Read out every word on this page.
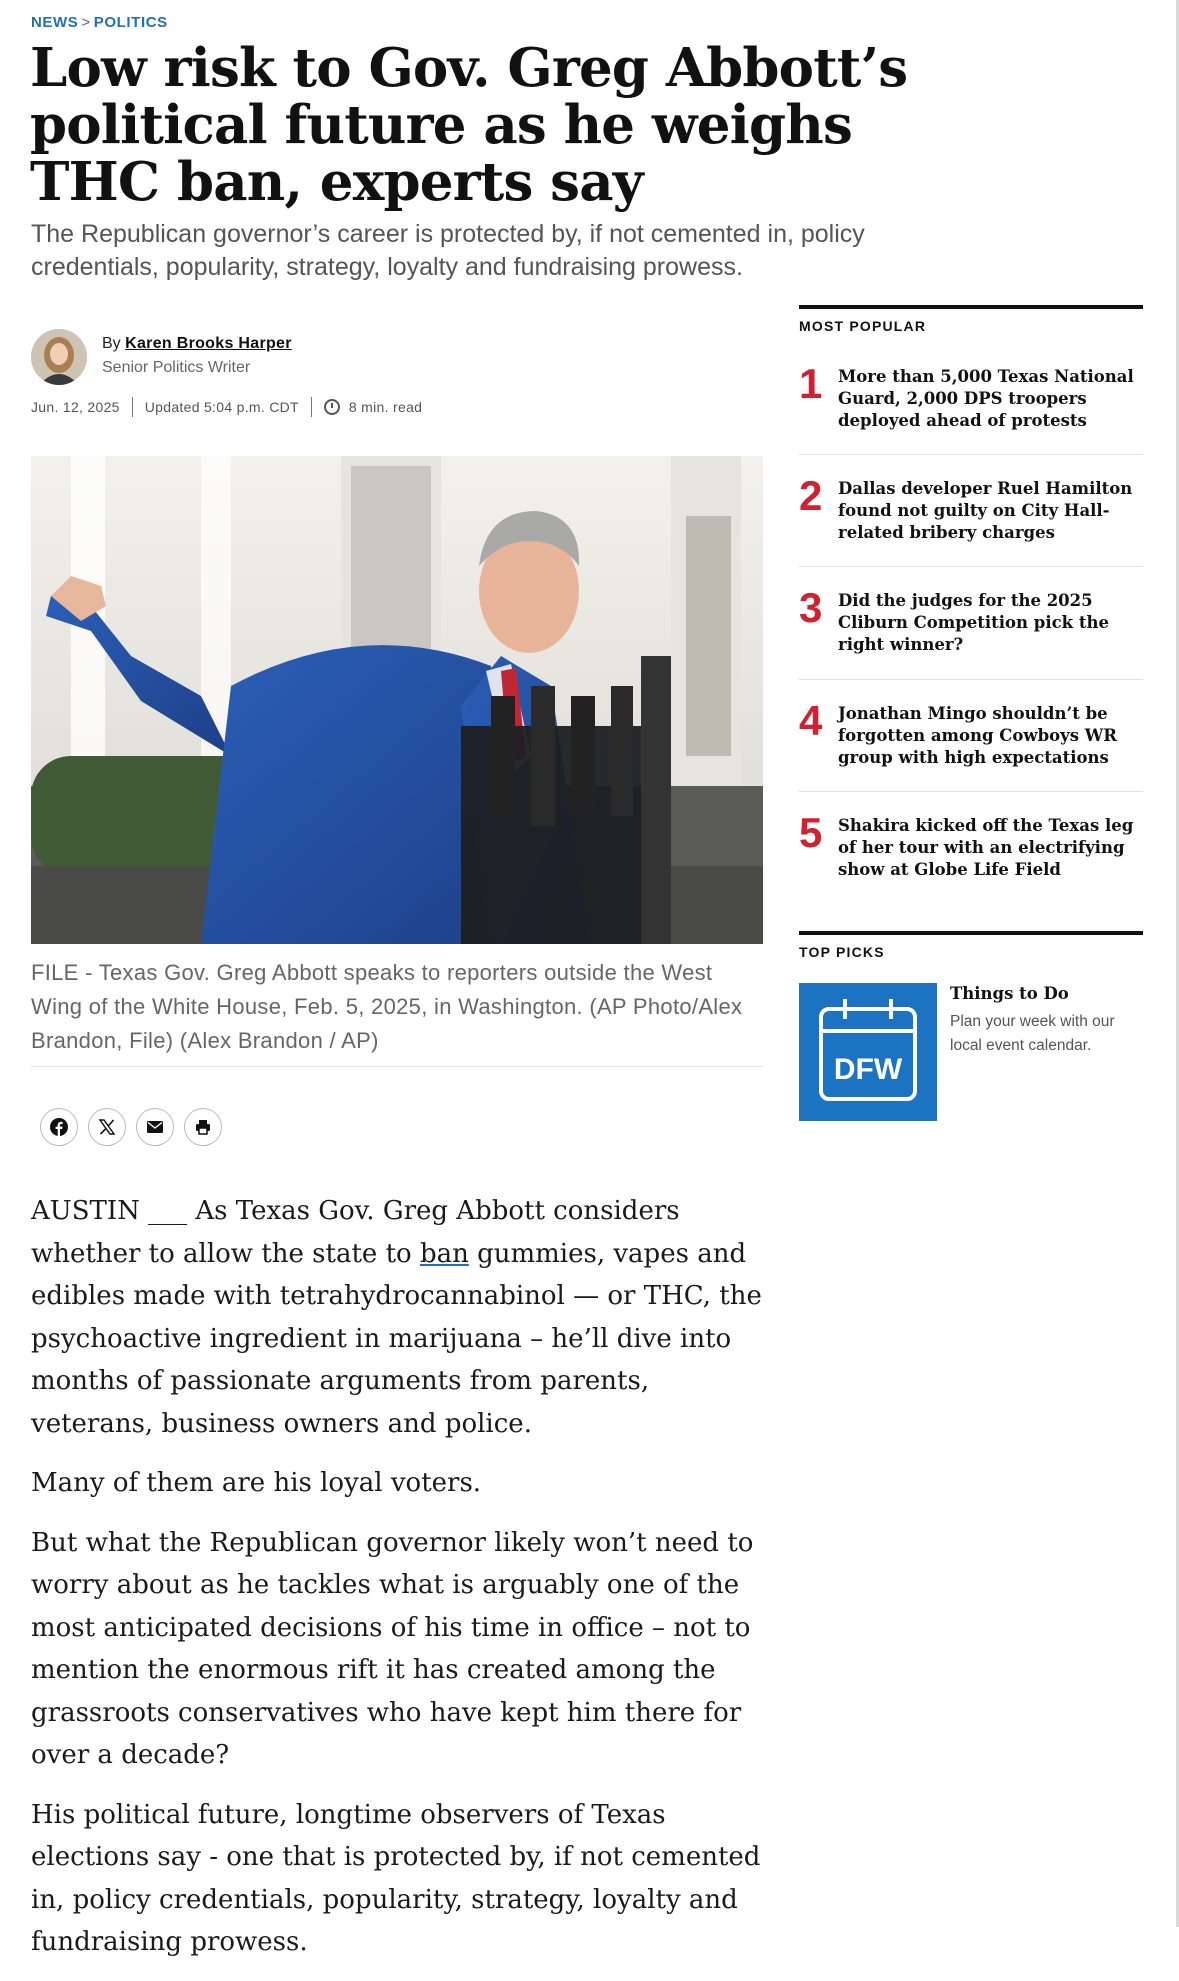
NEWS > POLITICS
Low risk to Gov. Greg Abbott’s political future as he weighs THC ban, experts say
The Republican governor’s career is protected by, if not cemented in, policy credentials, popularity, strategy, loyalty and fundraising prowess.
By Karen Brooks Harper
Senior Politics Writer
Jun. 12, 2025 Updated 5:04 p.m. CDT	8 min. read
FILE - Texas Gov. Greg Abbott speaks to reporters outside the West Wing of the White House, Feb. 5, 2025, in Washington. (AP Photo/Alex Brandon, File) (Alex Brandon / AP)

AUSTIN ___ As Texas Gov. Greg Abbott considers whether to allow the state to ban gummies, vapes and edibles made with tetrahydrocannabinol — or THC, the psychoactive ingredient in marijuana – he’ll dive into months of passionate arguments from parents, veterans, business owners and police.

Many of them are his loyal voters.

But what the Republican governor likely won’t need to worry about as he tackles what is arguably one of the most anticipated decisions of his time in office – not to mention the enormous rift it has created among the grassroots conservatives who have kept him there for over a decade?

His political future, longtime observers of Texas elections say - one that is protected by, if not cemented in, policy credentials, popularity, strategy, loyalty and fundraising prowess.

MOST POPULAR
1 More than 5,000 Texas National Guard, 2,000 DPS troopers deployed ahead of protests
2 Dallas developer Ruel Hamilton found not guilty on City Hall-related bribery charges
3 Did the judges for the 2025 Cliburn Competition pick the right winner?
4 Jonathan Mingo shouldn’t be forgotten among Cowboys WR group with high expectations
5 Shakira kicked off the Texas leg of her tour with an electrifying show at Globe Life Field
TOP PICKS
DFW
Things to Do
Plan your week with our local event calendar.
